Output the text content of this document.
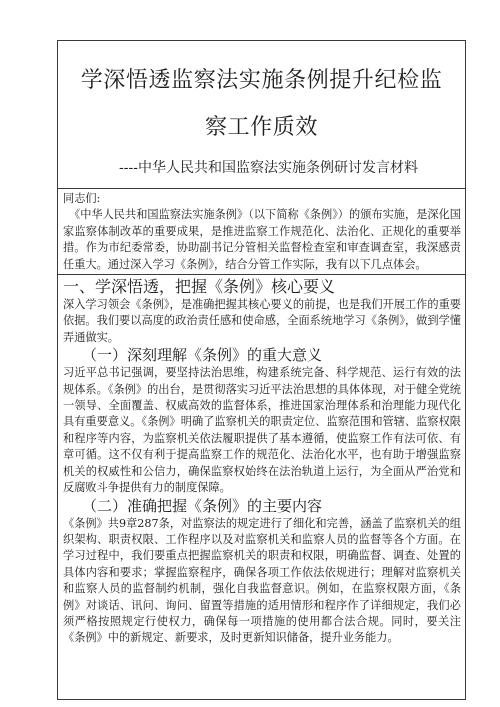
学深悟透监察法实施条例提升纪检监察工作质效
----中华人民共和国监察法实施条例研讨发言材料

同志们:

《中华人民共和国监察法实施条例》（以下简称《条例》）的颁布实施，是深化国家监察体制改革的重要成果，是推进监察工作规范化、法治化、正规化的重要举措。作为市纪委常委，协助副书记分管相关监督检查室和审查调查室，我深感责任重大。通过深入学习《条例》，结合分管工作实际，我有以下几点体会。

一、学深悟透，把握《条例》核心要义

深入学习领会《条例》，是准确把握其核心要义的前提，也是我们开展工作的重要依据。我们要以高度的政治责任感和使命感，全面系统地学习《条例》，做到学懂弄通做实。

（一）深刻理解《条例》的重大意义

习近平总书记强调，要坚持法治思维，构建系统完备、科学规范、运行有效的法规体系。《条例》的出台，是贯彻落实习近平法治思想的具体体现，对于健全党统一领导、全面覆盖、权威高效的监督体系，推进国家治理体系和治理能力现代化具有重要意义。《条例》明确了监察机关的职责定位、监察范围和管辖、监察权限和程序等内容，为监察机关依法履职提供了基本遵循，使监察工作有法可依、有章可循。这不仅有利于提高监察工作的规范化、法治化水平，也有助于增强监察机关的权威性和公信力，确保监察权始终在法治轨道上运行，为全面从严治党和反腐败斗争提供有力的制度保障。

（二）准确把握《条例》的主要内容

《条例》共9章287条，对监察法的规定进行了细化和完善，涵盖了监察机关的组织架构、职责权限、工作程序以及对监察机关和监察人员的监督等各个方面。在学习过程中，我们要重点把握监察机关的职责和权限，明确监督、调查、处置的具体内容和要求；掌握监察程序，确保各项工作依法依规进行；理解对监察机关和监察人员的监督制约机制，强化自我监督意识。例如，在监察权限方面，《条例》对谈话、讯问、询问、留置等措施的适用情形和程序作了详细规定，我们必须严格按照规定行使权力，确保每一项措施的使用都合法合规。同时，要关注《条例》中的新规定、新要求，及时更新知识储备，提升业务能力。
